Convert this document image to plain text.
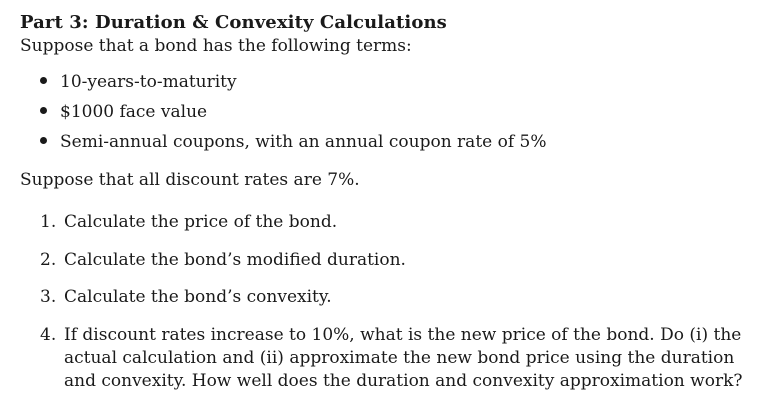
Part 3: Duration & Convexity Calculations
Suppose that a bond has the following terms:
10-years-to-maturity
$1000 face value
Semi-annual coupons, with an annual coupon rate of 5%
Suppose that all discount rates are 7%.
1. Calculate the price of the bond.
2. Calculate the bond’s modified duration.
3. Calculate the bond’s convexity.
4. If discount rates increase to 10%, what is the new price of the bond. Do (i) the actual calculation and (ii) approximate the new bond price using the duration and convexity. How well does the duration and convexity approximation work?
